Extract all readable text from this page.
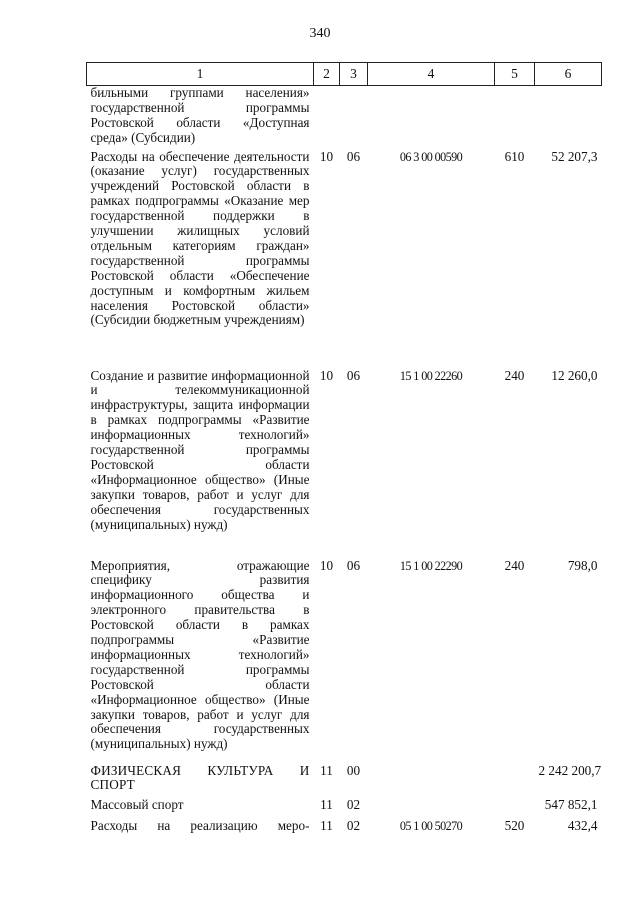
340
1	2	3	4	5	6
бильными группами населения» государственной программы Ростовской области «Доступная среда» (Субсидии)					
Расходы на обеспечение деятельности (оказание услуг) государственных учреждений Ростовской области в рамках подпрограммы «Оказание мер государственной поддержки в улучшении жилищных условий отдельным категориям граждан» государственной программы Ростовской области «Обеспечение доступным и комфортным жильем населения Ростовской области» (Субсидии бюджетным учреждениям)	10	06	06 3 00 00590	610	52 207,3
Создание и развитие информационной и телекоммуникационной инфраструктуры, защита информации в рамках подпрограммы «Развитие информационных технологий» государственной программы Ростовской области «Информационное общество» (Иные закупки товаров, работ и услуг для обеспечения государственных (муниципальных) нужд)	10	06	15 1 00 22260	240	12 260,0
Мероприятия, отражающие специфику развития информационного общества и электронного правительства в Ростовской области в рамках подпрограммы «Развитие информационных технологий» государственной программы Ростовской области «Информационное общество» (Иные закупки товаров, работ и услуг для обеспечения государственных (муниципальных) нужд)	10	06	15 1 00 22290	240	798,0
ФИЗИЧЕСКАЯ КУЛЬТУРА И СПОРТ	11	00			2 242 200,7
Массовый спорт	11	02			547 852,1
Расходы на реализацию меро-	11	02	05 1 00 50270	520	432,4
